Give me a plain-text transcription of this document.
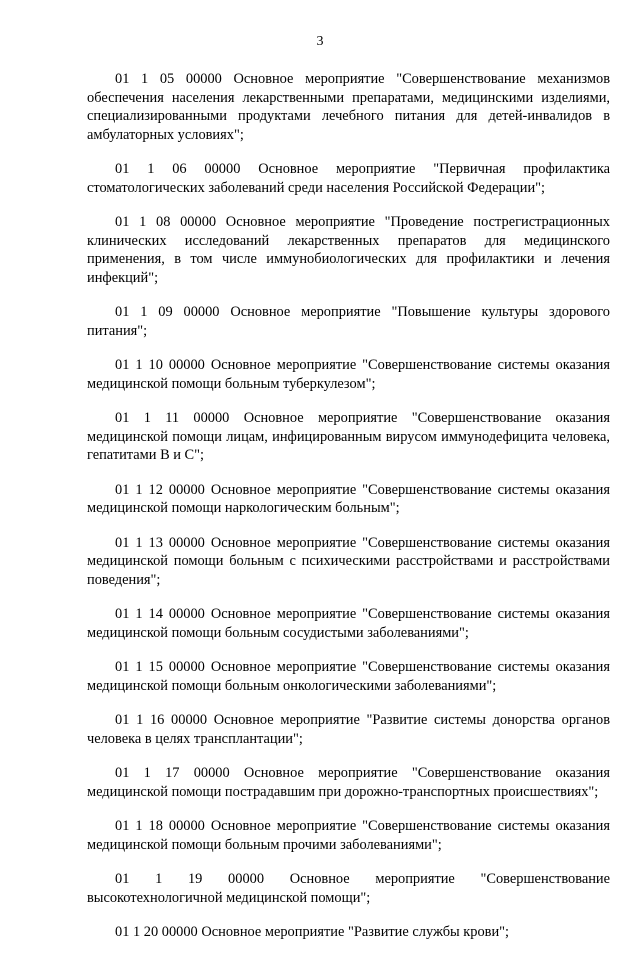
3

01 1 05 00000 Основное мероприятие "Совершенствование механизмов обеспечения населения лекарственными препаратами, медицинскими изделиями, специализированными продуктами лечебного питания для детей-инвалидов в амбулаторных условиях";

01 1 06 00000 Основное мероприятие "Первичная профилактика стоматологических заболеваний среди населения Российской Федерации";

01 1 08 00000 Основное мероприятие "Проведение пострегистрационных клинических исследований лекарственных препаратов для медицинского применения, в том числе иммунобиологических для профилактики и лечения инфекций";

01 1 09 00000 Основное мероприятие "Повышение культуры здорового питания";

01 1 10 00000 Основное мероприятие "Совершенствование системы оказания медицинской помощи больным туберкулезом";

01 1 11 00000 Основное мероприятие "Совершенствование оказания медицинской помощи лицам, инфицированным вирусом иммунодефицита человека, гепатитами B и C";

01 1 12 00000 Основное мероприятие "Совершенствование системы оказания медицинской помощи наркологическим больным";

01 1 13 00000 Основное мероприятие "Совершенствование системы оказания медицинской помощи больным с психическими расстройствами и расстройствами поведения";

01 1 14 00000 Основное мероприятие "Совершенствование системы оказания медицинской помощи больным сосудистыми заболеваниями";

01 1 15 00000 Основное мероприятие "Совершенствование системы оказания медицинской помощи больным онкологическими заболеваниями";

01 1 16 00000 Основное мероприятие "Развитие системы донорства органов человека в целях трансплантации";

01 1 17 00000 Основное мероприятие "Совершенствование оказания медицинской помощи пострадавшим при дорожно-транспортных происшествиях";

01 1 18 00000 Основное мероприятие "Совершенствование системы оказания медицинской помощи больным прочими заболеваниями";

01 1 19 00000 Основное мероприятие "Совершенствование высокотехнологичной медицинской помощи";

01 1 20 00000 Основное мероприятие "Развитие службы крови";
